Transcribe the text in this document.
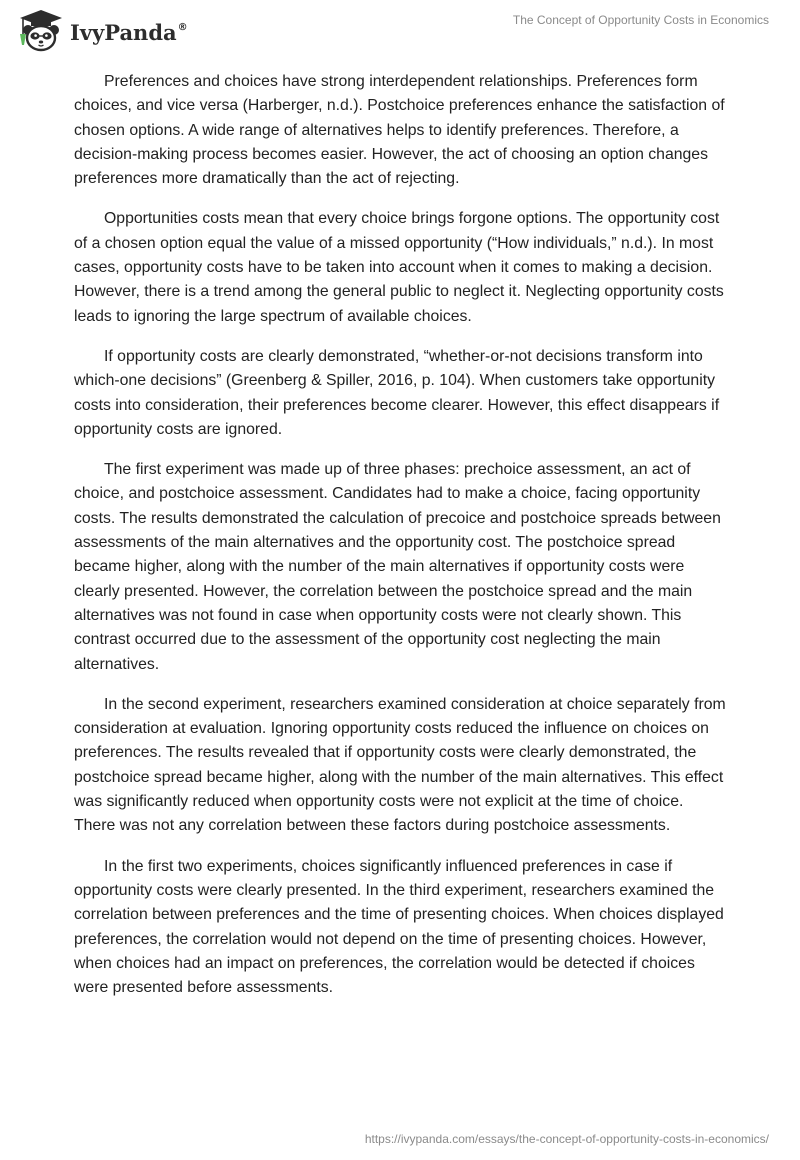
IvyPanda®	The Concept of Opportunity Costs in Economics

Preferences and choices have strong interdependent relationships. Preferences form choices, and vice versa (Harberger, n.d.). Postchoice preferences enhance the satisfaction of chosen options. A wide range of alternatives helps to identify preferences. Therefore, a decision-making process becomes easier. However, the act of choosing an option changes preferences more dramatically than the act of rejecting.

Opportunities costs mean that every choice brings forgone options. The opportunity cost of a chosen option equal the value of a missed opportunity (“How individuals,” n.d.). In most cases, opportunity costs have to be taken into account when it comes to making a decision. However, there is a trend among the general public to neglect it. Neglecting opportunity costs leads to ignoring the large spectrum of available choices.

If opportunity costs are clearly demonstrated, “whether-or-not decisions transform into which-one decisions” (Greenberg & Spiller, 2016, p. 104). When customers take opportunity costs into consideration, their preferences become clearer. However, this effect disappears if opportunity costs are ignored.

The first experiment was made up of three phases: prechoice assessment, an act of choice, and postchoice assessment. Candidates had to make a choice, facing opportunity costs. The results demonstrated the calculation of precoice and postchoice spreads between assessments of the main alternatives and the opportunity cost. The postchoice spread became higher, along with the number of the main alternatives if opportunity costs were clearly presented. However, the correlation between the postchoice spread and the main alternatives was not found in case when opportunity costs were not clearly shown. This contrast occurred due to the assessment of the opportunity cost neglecting the main alternatives.

In the second experiment, researchers examined consideration at choice separately from consideration at evaluation. Ignoring opportunity costs reduced the influence on choices on preferences. The results revealed that if opportunity costs were clearly demonstrated, the postchoice spread became higher, along with the number of the main alternatives. This effect was significantly reduced when opportunity costs were not explicit at the time of choice. There was not any correlation between these factors during postchoice assessments.

In the first two experiments, choices significantly influenced preferences in case if opportunity costs were clearly presented. In the third experiment, researchers examined the correlation between preferences and the time of presenting choices. When choices displayed preferences, the correlation would not depend on the time of presenting choices. However, when choices had an impact on preferences, the correlation would be detected if choices were presented before assessments.

https://ivypanda.com/essays/the-concept-of-opportunity-costs-in-economics/
